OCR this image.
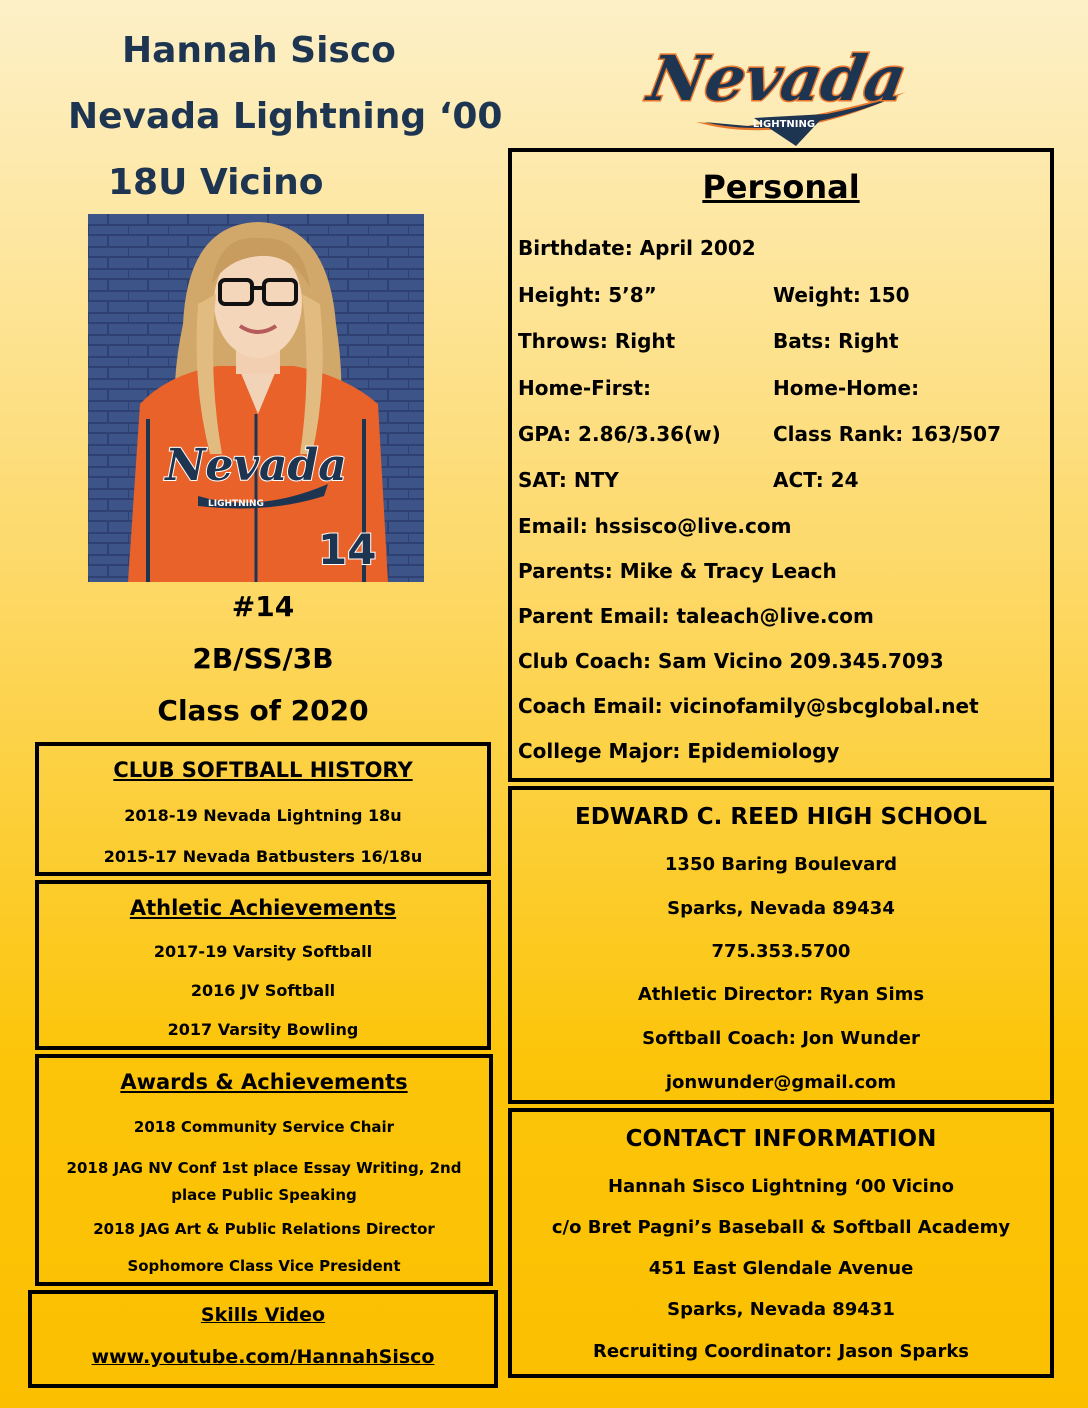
Hannah Sisco
Nevada Lightning ‘00
18U Vicino
Nevada
LIGHTNING
Nevada
LIGHTNING
14
#14
2B/SS/3B
Class of 2020
CLUB SOFTBALL HISTORY
2018-19 Nevada Lightning 18u
2015-17 Nevada Batbusters 16/18u
Athletic Achievements
2017-19 Varsity Softball
2016 JV Softball
2017 Varsity Bowling
Awards & Achievements
2018 Community Service Chair
2018 JAG NV Conf 1st place Essay Writing, 2nd place Public Speaking
2018 JAG Art & Public Relations Director
Sophomore Class Vice President
Skills Video
www.youtube.com/HannahSisco
Personal
Birthdate: April 2002
Height: 5’8”	Weight: 150
Throws: Right	Bats: Right
Home-First:	Home-Home:
GPA: 2.86/3.36(w)	Class Rank: 163/507
SAT: NTY	ACT: 24
Email: hssisco@live.com
Parents: Mike & Tracy Leach
Parent Email: taleach@live.com
Club Coach: Sam Vicino 209.345.7093
Coach Email: vicinofamily@sbcglobal.net
College Major: Epidemiology
EDWARD C. REED HIGH SCHOOL
1350 Baring Boulevard
Sparks, Nevada 89434
775.353.5700
Athletic Director: Ryan Sims
Softball Coach: Jon Wunder
jonwunder@gmail.com
CONTACT INFORMATION
Hannah Sisco Lightning ‘00 Vicino
c/o Bret Pagni’s Baseball & Softball Academy
451 East Glendale Avenue
Sparks, Nevada 89431
Recruiting Coordinator: Jason Sparks
